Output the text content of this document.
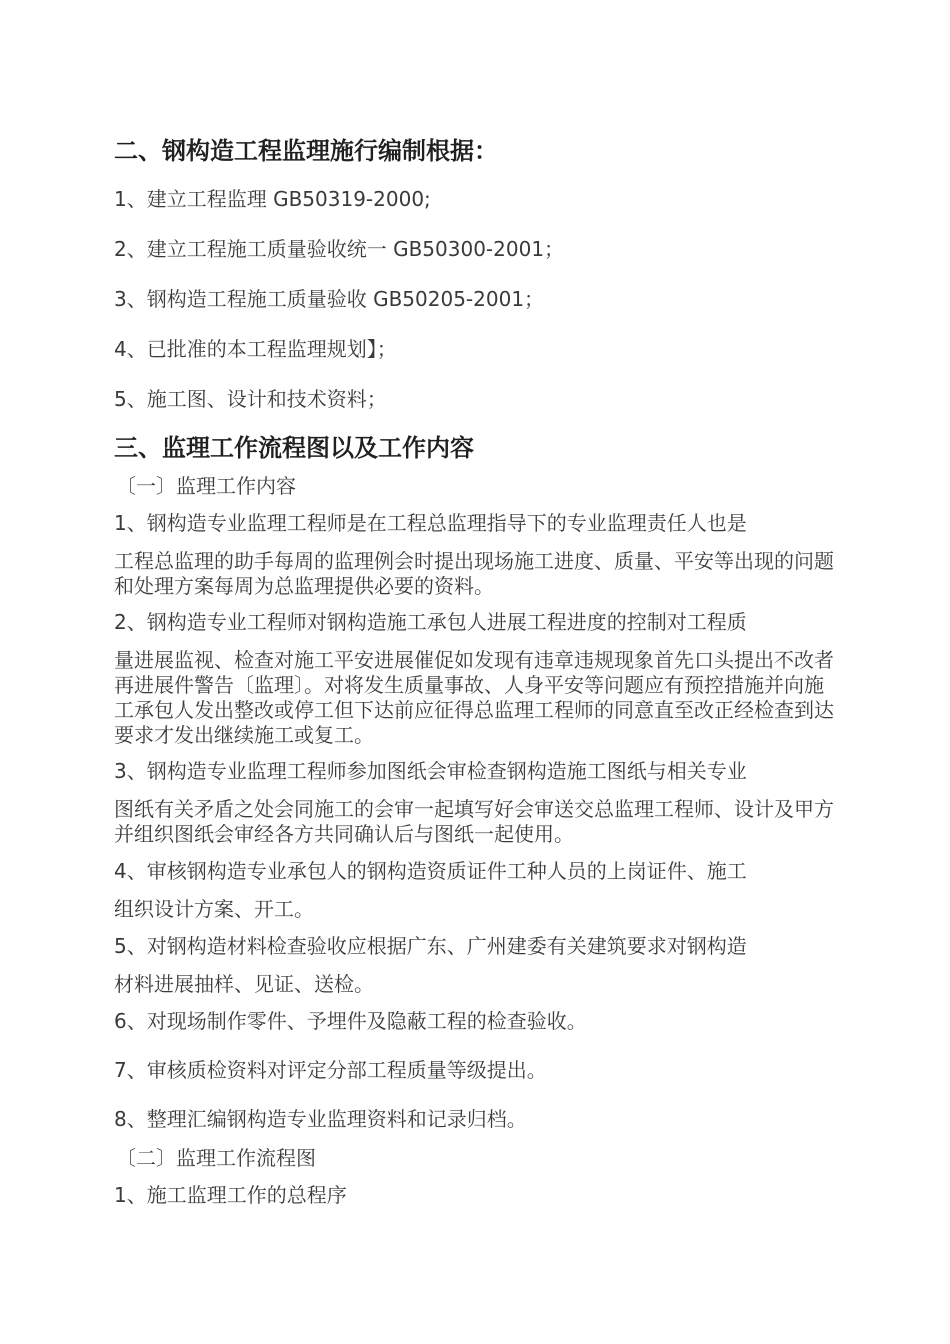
二、钢构造工程监理施行编制根据：

1、建立工程监理 GB50319-2000;

2、建立工程施工质量验收统一 GB50300-2001；

3、钢构造工程施工质量验收 GB50205-2001；

4、已批准的本工程监理规划】；

5、施工图、设计和技术资料；

三、监理工作流程图以及工作内容

〔一〕监理工作内容

1、钢构造专业监理工程师是在工程总监理指导下的专业监理责任人也是
工程总监理的助手每周的监理例会时提出现场施工进度、质量、平安等出现的问题和处理方案每周为总监理提供必要的资料。
2、钢构造专业工程师对钢构造施工承包人进展工程进度的控制对工程质
量进展监视、检查对施工平安进展催促如发现有违章违规现象首先口头提出不改者再进展件警告〔监理〕。对将发生质量事故、人身平安等问题应有预控措施并向施工承包人发出整改或停工但下达前应征得总监理工程师的同意直至改正经检查到达要求才发出继续施工或复工。
3、钢构造专业监理工程师参加图纸会审检查钢构造施工图纸与相关专业
图纸有关矛盾之处会同施工的会审一起填写好会审送交总监理工程师、设计及甲方并组织图纸会审经各方共同确认后与图纸一起使用。
4、审核钢构造专业承包人的钢构造资质证件工种人员的上岗证件、施工
组织设计方案、开工。
5、对钢构造材料检查验收应根据广东、广州建委有关建筑要求对钢构造
材料进展抽样、见证、送检。

6、对现场制作零件、予埋件及隐蔽工程的检查验收。

7、审核质检资料对评定分部工程质量等级提出。

8、整理汇编钢构造专业监理资料和记录归档。

〔二〕监理工作流程图

1、施工监理工作的总程序
